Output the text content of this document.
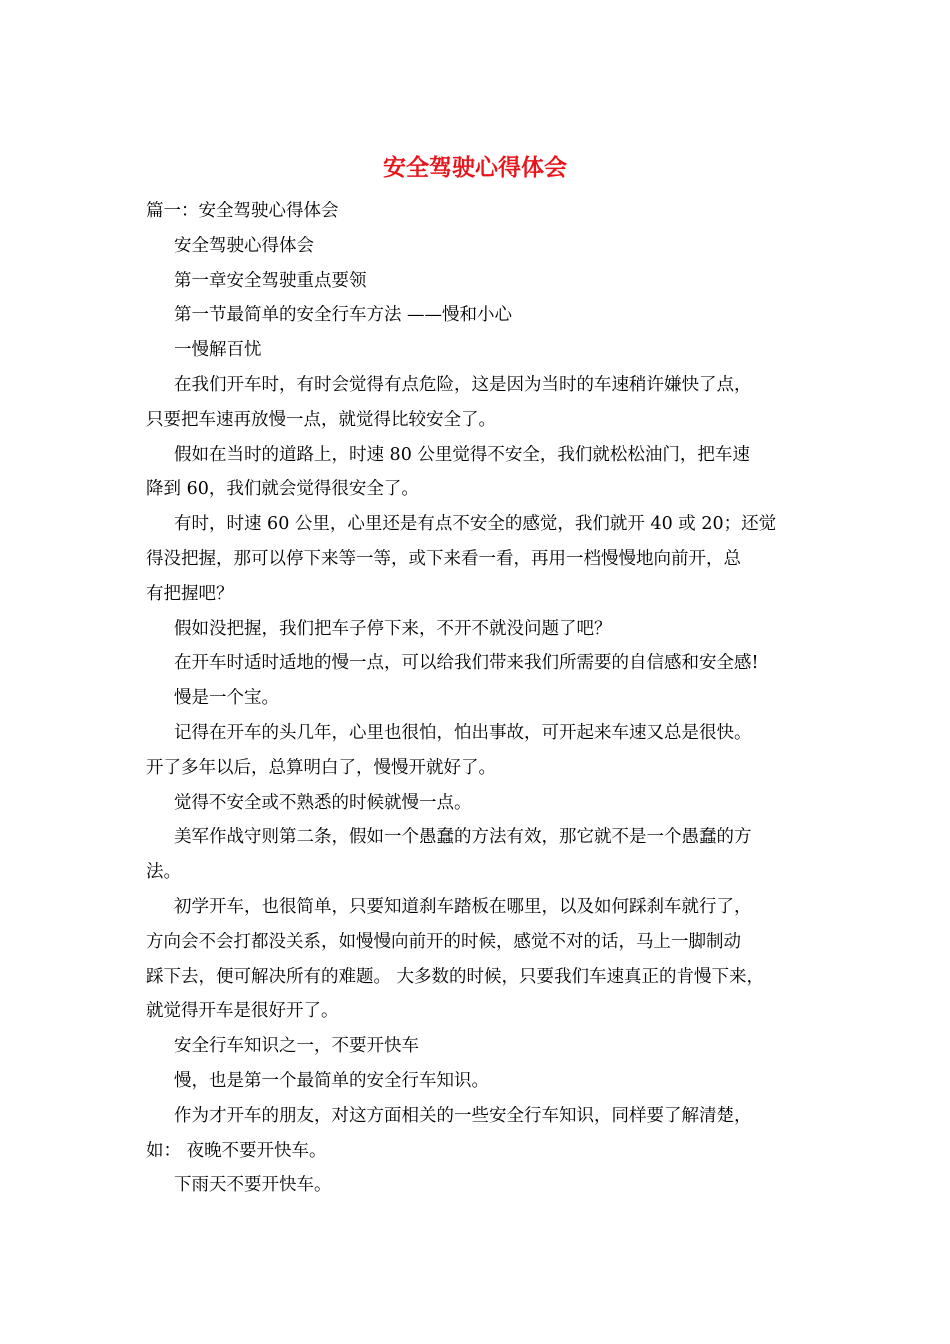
安全驾驶心得体会
篇一：安全驾驶心得体会
安全驾驶心得体会
第一章安全驾驶重点要领
第一节最简单的安全行车方法 ——慢和小心
一慢解百忧
在我们开车时，有时会觉得有点危险，这是因为当时的车速稍许嫌快了点，
只要把车速再放慢一点，就觉得比较安全了。
假如在当时的道路上，时速 80 公里觉得不安全，我们就松松油门，把车速
降到 60，我们就会觉得很安全了。
有时，时速 60 公里，心里还是有点不安全的感觉，我们就开 40 或 20；还觉
得没把握，那可以停下来等一等，或下来看一看，再用一档慢慢地向前开，总
有把握吧？
假如没把握，我们把车子停下来，不开不就没问题了吧？
在开车时适时适地的慢一点，可以给我们带来我们所需要的自信感和安全感!
慢是一个宝。
记得在开车的头几年，心里也很怕，怕出事故，可开起来车速又总是很快。
开了多年以后，总算明白了，慢慢开就好了。
觉得不安全或不熟悉的时候就慢一点。
美军作战守则第二条，假如一个愚蠢的方法有效，那它就不是一个愚蠢的方
法。
初学开车，也很简单，只要知道刹车踏板在哪里，以及如何踩刹车就行了，
方向会不会打都没关系，如慢慢向前开的时候，感觉不对的话，马上一脚制动
踩下去，便可解决所有的难题。 大多数的时候，只要我们车速真正的肯慢下来，
就觉得开车是很好开了。
安全行车知识之一，不要开快车
慢，也是第一个最简单的安全行车知识。
作为才开车的朋友，对这方面相关的一些安全行车知识，同样要了解清楚，
如： 夜晚不要开快车。
下雨天不要开快车。
